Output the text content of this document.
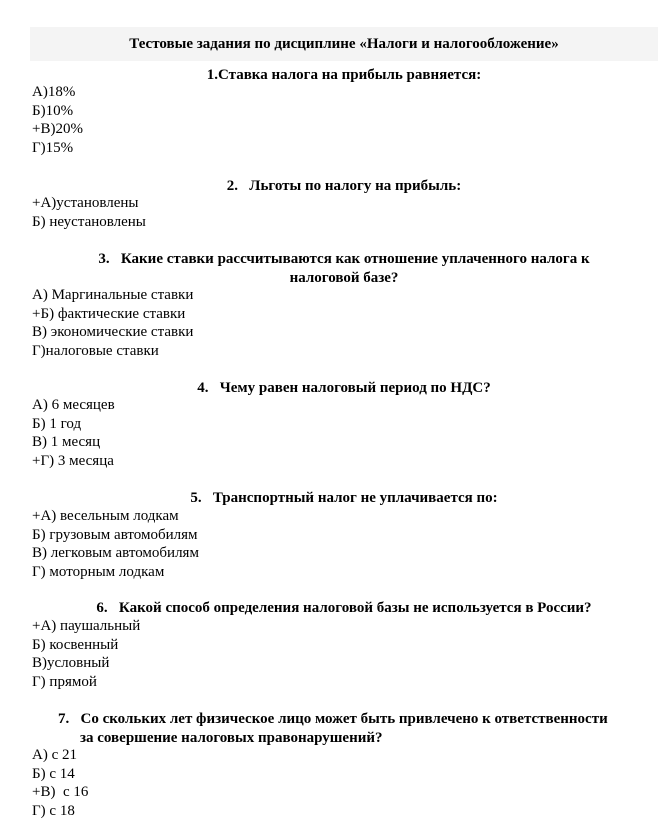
Тестовые задания по дисциплине «Налоги и налогообложение»
1.Ставка налога на прибыль равняется:
А)18%
Б)10%
+В)20%
Г)15%
2.   Льготы по налогу на прибыль:
+А)установлены
Б) неустановлены
3.   Какие ставки рассчитываются как отношение уплаченного налога к
налоговой базе?
А) Маргинальные ставки
+Б) фактические ставки
В) экономические ставки
Г)налоговые ставки
4.   Чему равен налоговый период по НДС?
А) 6 месяцев
Б) 1 год
В) 1 месяц
+Г) 3 месяца
5.   Транспортный налог не уплачивается по:
+А) весельным лодкам
Б) грузовым автомобилям
В) легковым автомобилям
Г) моторным лодкам
6.   Какой способ определения налоговой базы не используется в России?
+А) паушальный
Б) косвенный
В)условный
Г) прямой
7.   Со скольких лет физическое лицо может быть привлечено к ответственности
за совершение налоговых правонарушений?
А) с 21
Б) с 14
+В)  с 16
Г) с 18
